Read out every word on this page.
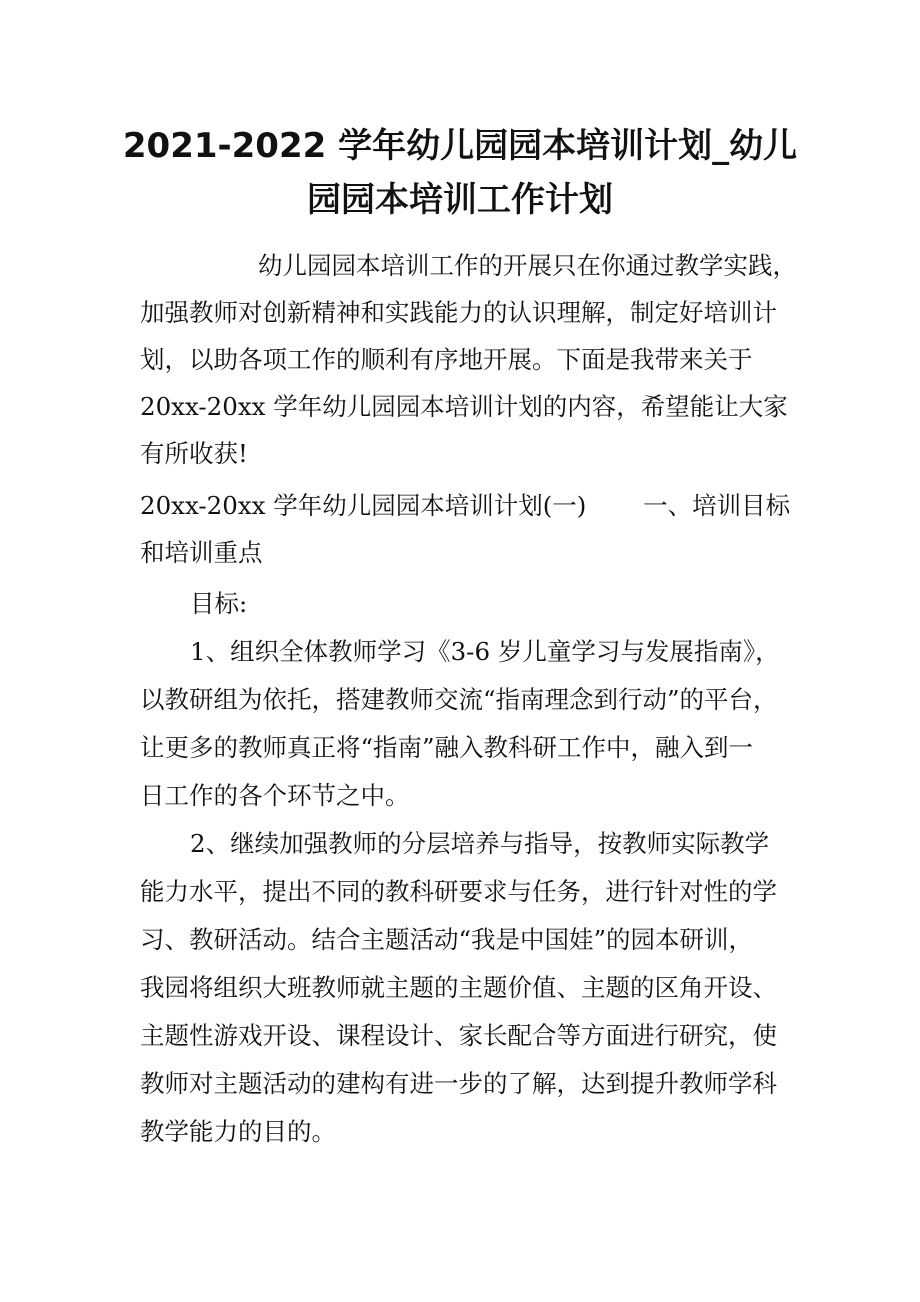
2021-2022 学年幼儿园园本培训计划_幼儿
园园本培训工作计划
幼儿园园本培训工作的开展只在你通过教学实践，
加强教师对创新精神和实践能力的认识理解，制定好培训计
划，以助各项工作的顺利有序地开展。下面是我带来关于
20xx-20xx 学年幼儿园园本培训计划的内容，希望能让大家
有所收获!
20xx-20xx 学年幼儿园园本培训计划(一)　　 一、培训目标
和培训重点
目标:
1、组织全体教师学习《3-6 岁儿童学习与发展指南》，
以教研组为依托，搭建教师交流“指南理念到行动”的平台，
让更多的教师真正将“指南”融入教科研工作中，融入到一
日工作的各个环节之中。
2、继续加强教师的分层培养与指导，按教师实际教学
能力水平，提出不同的教科研要求与任务，进行针对性的学
习、教研活动。结合主题活动“我是中国娃”的园本研训，
我园将组织大班教师就主题的主题价值、主题的区角开设、
主题性游戏开设、课程设计、家长配合等方面进行研究，使
教师对主题活动的建构有进一步的了解，达到提升教师学科
教学能力的目的。
